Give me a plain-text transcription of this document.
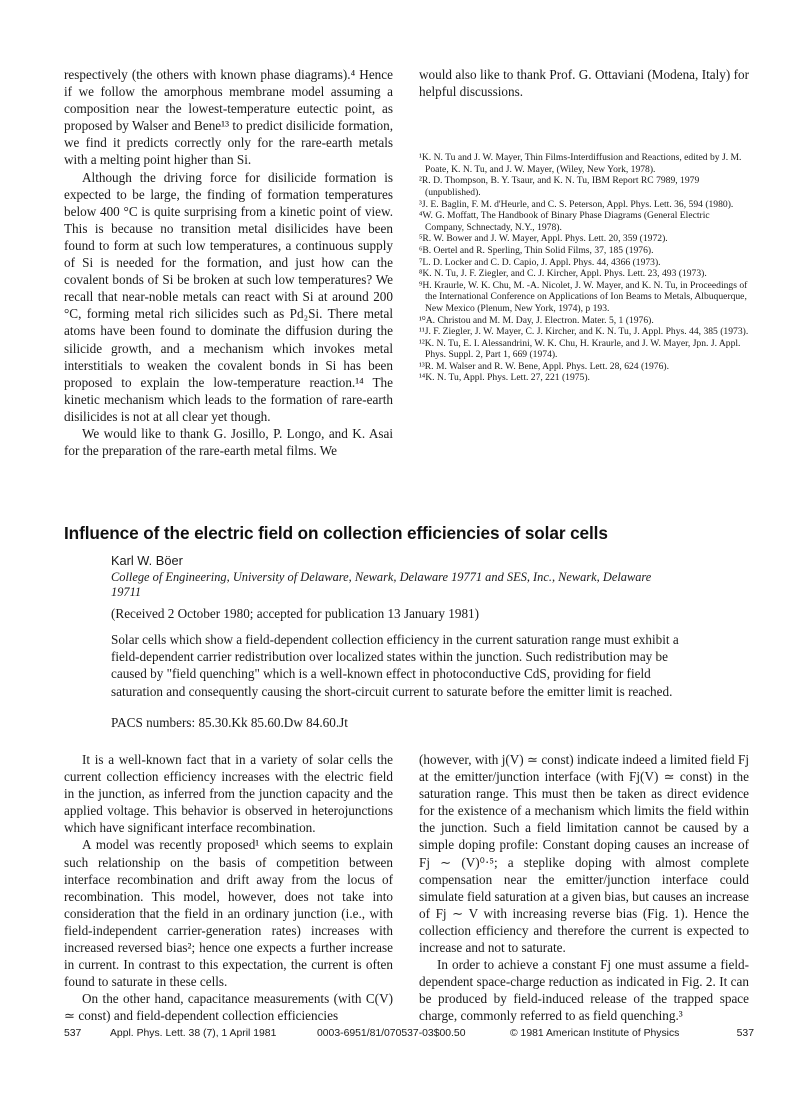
respectively (the others with known phase diagrams).⁴ Hence if we follow the amorphous membrane model assuming a composition near the lowest-temperature eutectic point, as proposed by Walser and Bene¹³ to predict disilicide formation, we find it predicts correctly only for the rare-earth metals with a melting point higher than Si.

Although the driving force for disilicide formation is expected to be large, the finding of formation temperatures below 400 °C is quite surprising from a kinetic point of view. This is because no transition metal disilicides have been found to form at such low temperatures, a continuous supply of Si is needed for the formation, and just how can the covalent bonds of Si be broken at such low temperatures? We recall that near-noble metals can react with Si at around 200 °C, forming metal rich silicides such as Pd₂Si. There metal atoms have been found to dominate the diffusion during the silicide growth, and a mechanism which invokes metal interstitials to weaken the covalent bonds in Si has been proposed to explain the low-temperature reaction.¹⁴ The kinetic mechanism which leads to the formation of rare-earth disilicides is not at all clear yet though.

We would like to thank G. Josillo, P. Longo, and K. Asai for the preparation of the rare-earth metal films. We

would also like to thank Prof. G. Ottaviani (Modena, Italy) for helpful discussions.

¹K. N. Tu and J. W. Mayer, Thin Films-Interdiffusion and Reactions, edited by J. M. Poate, K. N. Tu, and J. W. Mayer, (Wiley, New York, 1978).

²R. D. Thompson, B. Y. Tsaur, and K. N. Tu, IBM Report RC 7989, 1979 (unpublished).

³J. E. Baglin, F. M. d'Heurle, and C. S. Peterson, Appl. Phys. Lett. 36, 594 (1980).

⁴W. G. Moffatt, The Handbook of Binary Phase Diagrams (General Electric Company, Schnectady, N.Y., 1978).

⁵R. W. Bower and J. W. Mayer, Appl. Phys. Lett. 20, 359 (1972).

⁶B. Oertel and R. Sperling, Thin Solid Films, 37, 185 (1976).

⁷L. D. Locker and C. D. Capio, J. Appl. Phys. 44, 4366 (1973).

⁸K. N. Tu, J. F. Ziegler, and C. J. Kircher, Appl. Phys. Lett. 23, 493 (1973).

⁹H. Kraurle, W. K. Chu, M. -A. Nicolet, J. W. Mayer, and K. N. Tu, in Proceedings of the International Conference on Applications of Ion Beams to Metals, Albuquerque, New Mexico (Plenum, New York, 1974), p 193.

¹⁰A. Christou and M. M. Day, J. Electron. Mater. 5, 1 (1976).

¹¹J. F. Ziegler, J. W. Mayer, C. J. Kircher, and K. N. Tu, J. Appl. Phys. 44, 385 (1973).

¹²K. N. Tu, E. I. Alessandrini, W. K. Chu, H. Kraurle, and J. W. Mayer, Jpn. J. Appl. Phys. Suppl. 2, Part 1, 669 (1974).

¹³R. M. Walser and R. W. Bene, Appl. Phys. Lett. 28, 624 (1976).

¹⁴K. N. Tu, Appl. Phys. Lett. 27, 221 (1975).

Influence of the electric field on collection efficiencies of solar cells
Karl W. Böer
College of Engineering, University of Delaware, Newark, Delaware 19771 and SES, Inc., Newark, Delaware 19711
(Received 2 October 1980; accepted for publication 13 January 1981)
Solar cells which show a field-dependent collection efficiency in the current saturation range must exhibit a field-dependent carrier redistribution over localized states within the junction. Such redistribution may be caused by "field quenching" which is a well-known effect in photoconductive CdS, providing for field saturation and consequently causing the short-circuit current to saturate before the emitter limit is reached.
PACS numbers: 85.30.Kk 85.60.Dw 84.60.Jt

It is a well-known fact that in a variety of solar cells the current collection efficiency increases with the electric field in the junction, as inferred from the junction capacity and the applied voltage. This behavior is observed in heterojunctions which have significant interface recombination.

A model was recently proposed¹ which seems to explain such relationship on the basis of competition between interface recombination and drift away from the locus of recombination. This model, however, does not take into consideration that the field in an ordinary junction (i.e., with field-independent carrier-generation rates) increases with increased reversed bias²; hence one expects a further increase in current. In contrast to this expectation, the current is often found to saturate in these cells.

On the other hand, capacitance measurements (with C(V) ≃ const) and field-dependent collection efficiencies

(however, with j(V) ≃ const) indicate indeed a limited field Fj at the emitter/junction interface (with Fj(V) ≃ const) in the saturation range. This must then be taken as direct evidence for the existence of a mechanism which limits the field within the junction. Such a field limitation cannot be caused by a simple doping profile: Constant doping causes an increase of Fj ∼ (V)⁰·⁵; a steplike doping with almost complete compensation near the emitter/junction interface could simulate field saturation at a given bias, but causes an increase of Fj ∼ V with increasing reverse bias (Fig. 1). Hence the collection efficiency and therefore the current is expected to increase and not to saturate.

In order to achieve a constant Fj one must assume a field-dependent space-charge reduction as indicated in Fig. 2. It can be produced by field-induced release of the trapped space charge, commonly referred to as field quenching.³

537	Appl. Phys. Lett. 38 (7), 1 April 1981	0003-6951/81/070537-03$00.50	© 1981 American Institute of Physics	537
